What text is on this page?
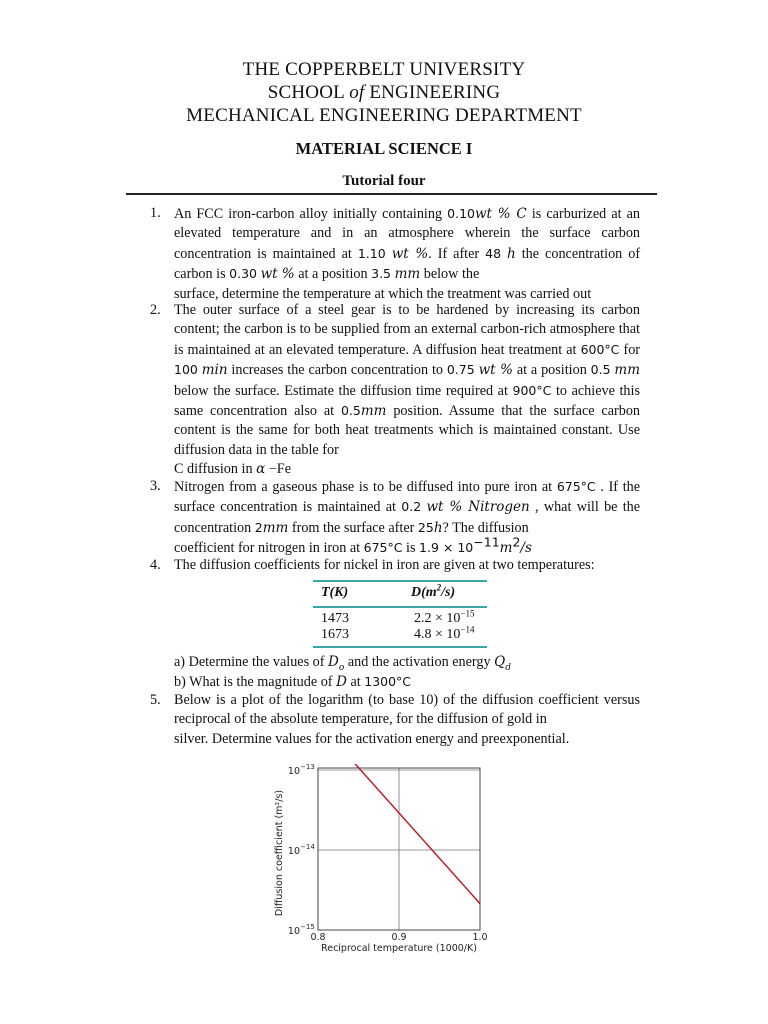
THE COPPERBELT UNIVERSITY
SCHOOL of ENGINEERING
MECHANICAL ENGINEERING DEPARTMENT
MATERIAL SCIENCE I
Tutorial four
1. An FCC iron-carbon alloy initially containing 0.10wt % C is carburized at an elevated temperature and in an atmosphere wherein the surface carbon concentration is maintained at 1.10 wt %. If after 48 h the concentration of carbon is 0.30 wt % at a position 3.5 mm below the
surface, determine the temperature at which the treatment was carried out
2. The outer surface of a steel gear is to be hardened by increasing its carbon content; the carbon is to be supplied from an external carbon-rich atmosphere that is maintained at an elevated temperature. A diffusion heat treatment at 600°C for 100 min increases the carbon concentration to 0.75 wt % at a position 0.5 mm below the surface. Estimate the diffusion time required at 900°C to achieve this same concentration also at 0.5mm position. Assume that the surface carbon content is the same for both heat treatments which is maintained constant. Use diffusion data in the table for
C diffusion in α −Fe
3. Nitrogen from a gaseous phase is to be diffused into pure iron at 675°C . If the surface concentration is maintained at 0.2 wt % Nitrogen , what will be the concentration 2mm from the surface after 25h? The diffusion
coefficient for nitrogen in iron at 675°C is $1.9 \times 10^{-11}m^2/s$
4. The diffusion coefficients for nickel in iron are given at two temperatures:
T(K)	$D(m^2/s)$
1473	$2.2 \times 10^{-15}$
1673	$4.8 \times 10^{-14}$
a) Determine the values of $D_o$ and the activation energy $Q_d$
b) What is the magnitude of D at 1300°C
5. Below is a plot of the logarithm (to base 10) of the diffusion coefficient versus reciprocal of the absolute temperature, for the diffusion of gold in
silver. Determine values for the activation energy and preexponential.
0.8	0.9	1.0
10 −13
10 −14
10 −15
Reciprocal temperature (1000/K)
Diffusion coefficient (m²/s)
